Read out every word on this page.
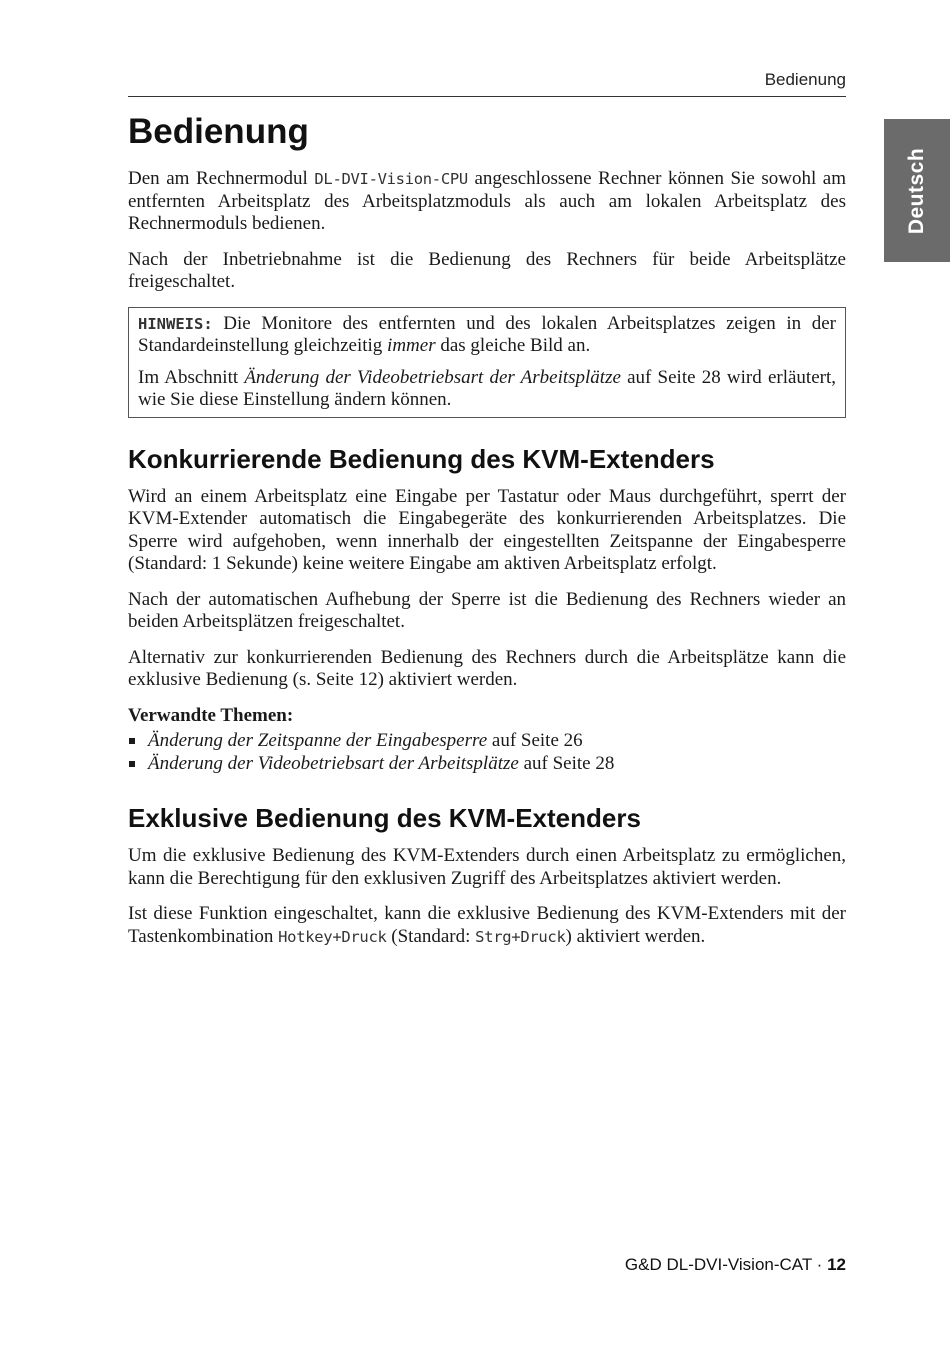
Bedienung
Deutsch
Bedienung

Den am Rechnermodul DL-DVI-Vision-CPU angeschlossene Rechner können Sie sowohl am entfernten Arbeitsplatz des Arbeitsplatzmoduls als auch am lokalen Arbeitsplatz des Rechnermoduls bedienen.

Nach der Inbetriebnahme ist die Bedienung des Rechners für beide Arbeitsplätze freigeschaltet.

HINWEIS: Die Monitore des entfernten und des lokalen Arbeitsplatzes zeigen in der Standardeinstellung gleichzeitig immer das gleiche Bild an.

Im Abschnitt Änderung der Videobetriebsart der Arbeitsplätze auf Seite 28 wird erläutert, wie Sie diese Einstellung ändern können.

Konkurrierende Bedienung des KVM-Extenders

Wird an einem Arbeitsplatz eine Eingabe per Tastatur oder Maus durchgeführt, sperrt der KVM-Extender automatisch die Eingabegeräte des konkurrierenden Arbeitsplatzes. Die Sperre wird aufgehoben, wenn innerhalb der eingestellten Zeitspanne der Eingabesperre (Standard: 1 Sekunde) keine weitere Eingabe am aktiven Arbeitsplatz erfolgt.

Nach der automatischen Aufhebung der Sperre ist die Bedienung des Rechners wieder an beiden Arbeitsplätzen freigeschaltet.

Alternativ zur konkurrierenden Bedienung des Rechners durch die Arbeitsplätze kann die exklusive Bedienung (s. Seite 12) aktiviert werden.

Verwandte Themen:
Änderung der Zeitspanne der Eingabesperre auf Seite 26
Änderung der Videobetriebsart der Arbeitsplätze auf Seite 28
Exklusive Bedienung des KVM-Extenders

Um die exklusive Bedienung des KVM-Extenders durch einen Arbeitsplatz zu ermöglichen, kann die Berechtigung für den exklusiven Zugriff des Arbeitsplatzes aktiviert werden.

Ist diese Funktion eingeschaltet, kann die exklusive Bedienung des KVM-Extenders mit der Tastenkombination Hotkey+Druck (Standard: Strg+Druck) aktiviert werden.

G&D DL-DVI-Vision-CAT · 12
